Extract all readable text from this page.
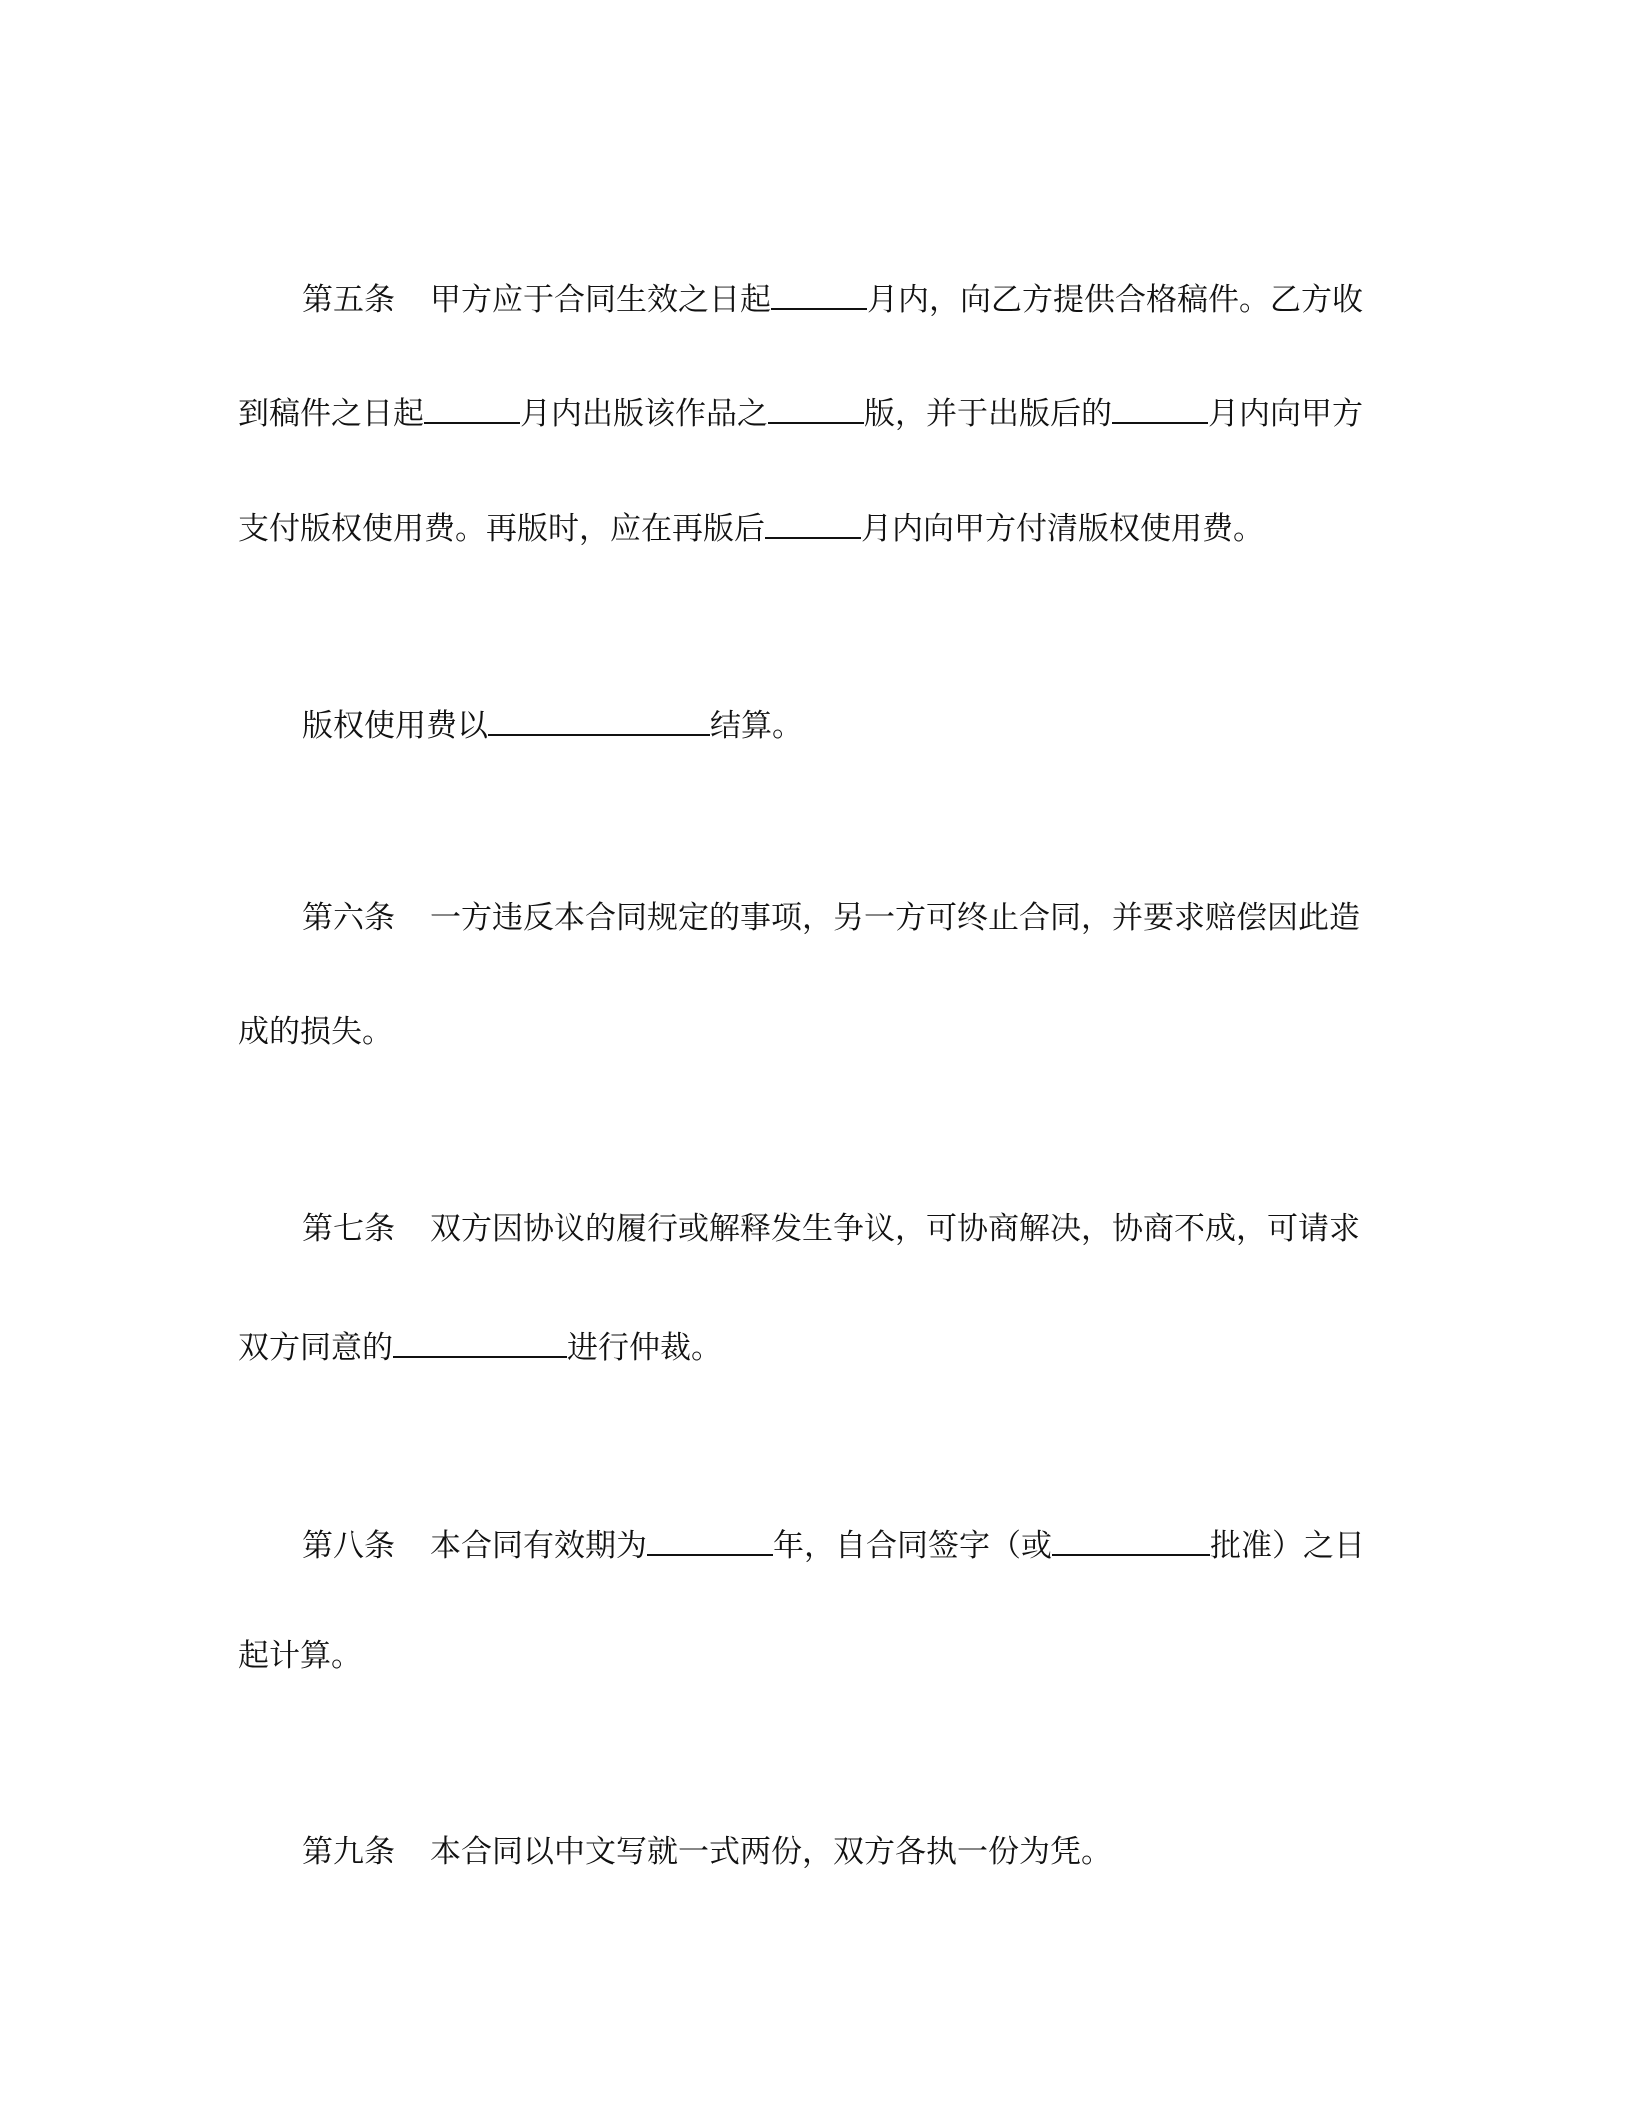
第五条 甲方应于合同生效之日起	月内，向乙方提供合格稿件。乙方收
到稿件之日起	月内出版该作品之	版，并于出版后的	月内向甲方
支付版权使用费。再版时，应在再版后	月内向甲方付清版权使用费。
版权使用费以	结算。
第六条 一方违反本合同规定的事项，另一方可终止合同，并要求赔偿因此造
成的损失。
第七条 双方因协议的履行或解释发生争议，可协商解决，协商不成，可请求
双方同意的	进行仲裁。
第八条 本合同有效期为	年，自合同签字（或	批准）之日
起计算。
第九条 本合同以中文写就一式两份，双方各执一份为凭。
